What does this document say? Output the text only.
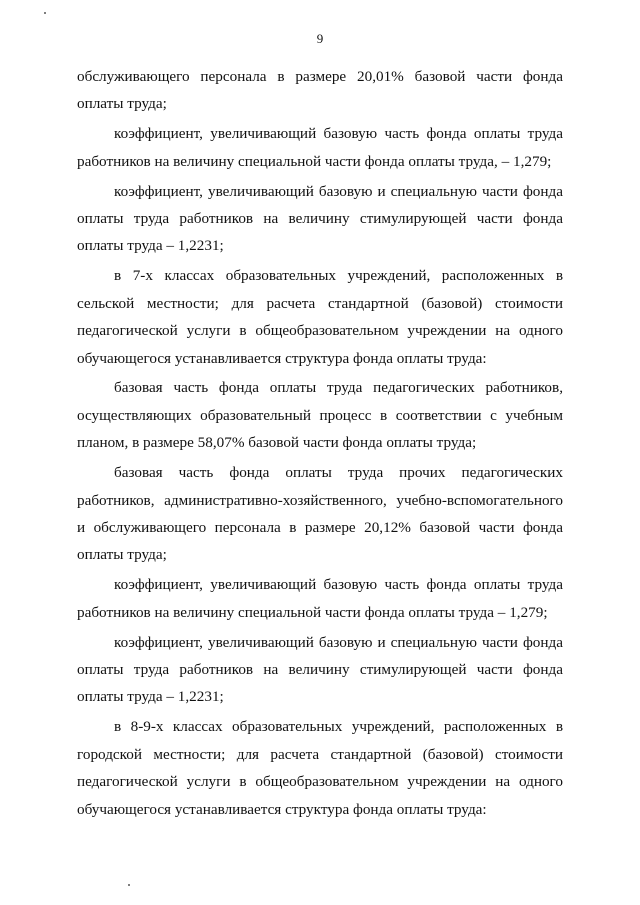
9

обслуживающего персонала в размере 20,01% базовой части фонда оплаты труда;

коэффициент, увеличивающий базовую часть фонда оплаты труда работников на величину специальной части фонда оплаты труда, – 1,279;

коэффициент, увеличивающий базовую и специальную части фонда оплаты труда работников на величину стимулирующей части фонда оплаты труда – 1,2231;

в 7-х классах образовательных учреждений, расположенных в сельской местности; для расчета стандартной (базовой) стоимости педагогической услуги в общеобразовательном учреждении на одного обучающегося устанавливается структура фонда оплаты труда:

базовая часть фонда оплаты труда педагогических работников, осуществляющих образовательный процесс в соответствии с учебным планом, в размере 58,07% базовой части фонда оплаты труда;

базовая часть фонда оплаты труда прочих педагогических работников, административно-хозяйственного, учебно-вспомогательного и обслуживающего персонала в размере 20,12% базовой части фонда оплаты труда;

коэффициент, увеличивающий базовую часть фонда оплаты труда работников на величину специальной части фонда оплаты труда – 1,279;

коэффициент, увеличивающий базовую и специальную части фонда оплаты труда работников на величину стимулирующей части фонда оплаты труда – 1,2231;

в 8-9-х классах образовательных учреждений, расположенных в городской местности; для расчета стандартной (базовой) стоимости педагогической услуги в общеобразовательном учреждении на одного обучающегося устанавливается структура фонда оплаты труда:
